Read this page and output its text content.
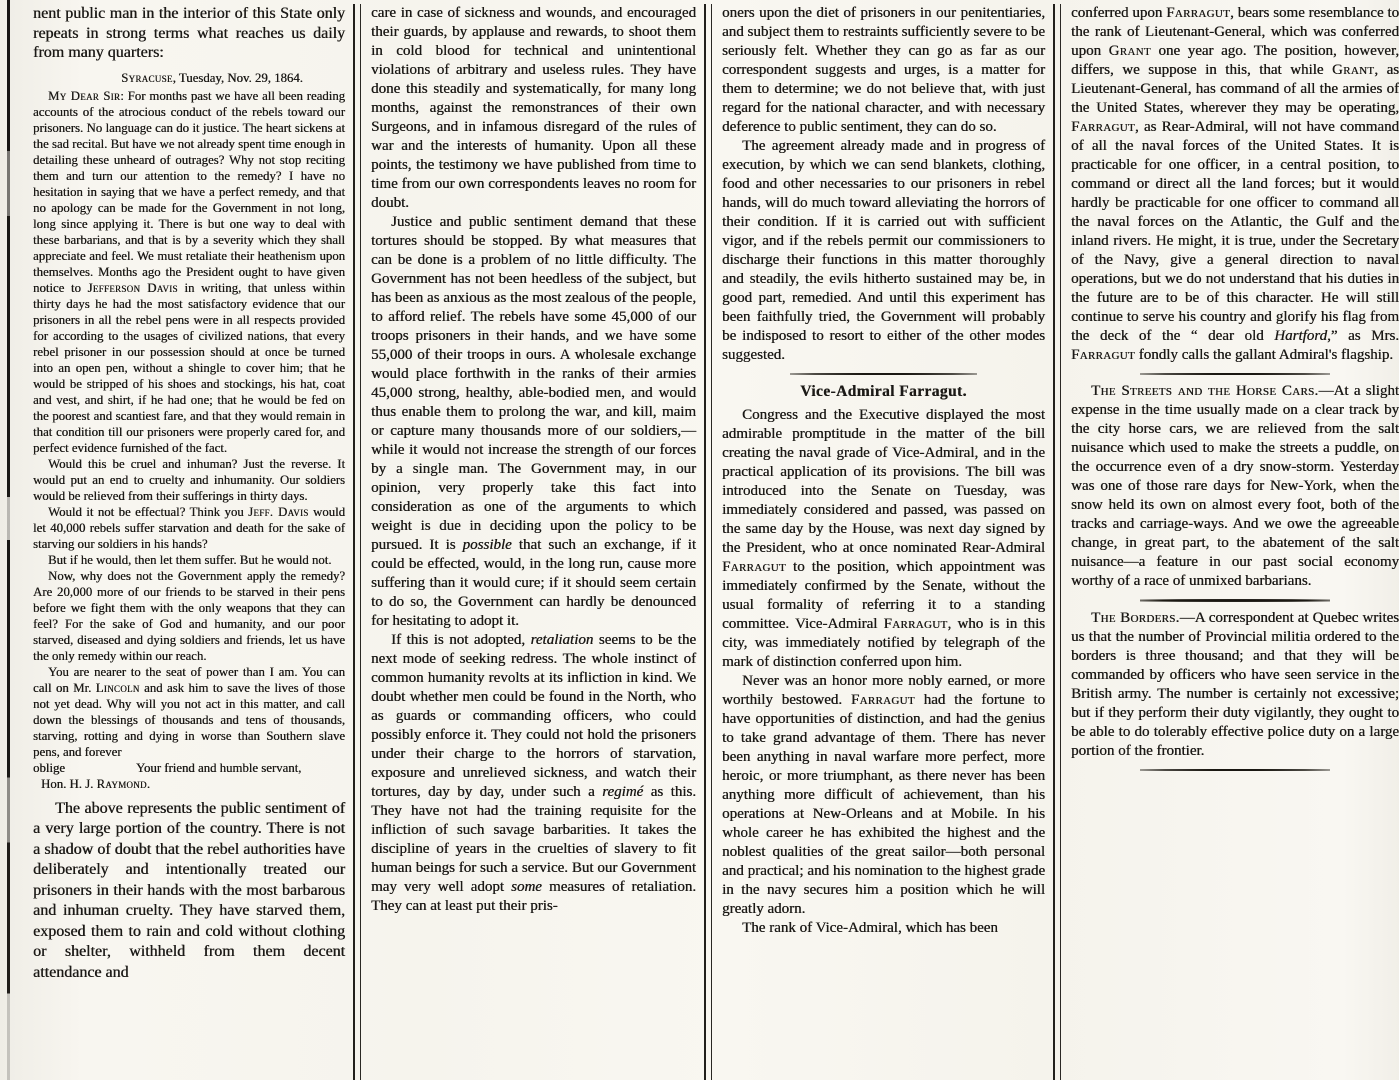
nent public man in the interior of this State only repeats in strong terms what reaches us daily from many quarters:

Syracuse, Tuesday, Nov. 29, 1864.

My Dear Sir: For months past we have all been reading accounts of the atrocious conduct of the rebels toward our prisoners. No language can do it justice. The heart sickens at the sad recital. But have we not already spent time enough in detailing these unheard of outrages? Why not stop reciting them and turn our attention to the remedy? I have no hesitation in saying that we have a perfect remedy, and that no apology can be made for the Government in not long, long since applying it. There is but one way to deal with these barbarians, and that is by a severity which they shall appreciate and feel. We must retaliate their heathenism upon themselves. Months ago the President ought to have given notice to Jefferson Davis in writing, that unless within thirty days he had the most satisfactory evidence that our prisoners in all the rebel pens were in all respects provided for according to the usages of civilized nations, that every rebel prisoner in our possession should at once be turned into an open pen, without a shingle to cover him; that he would be stripped of his shoes and stockings, his hat, coat and vest, and shirt, if he had one; that he would be fed on the poorest and scantiest fare, and that they would remain in that condition till our prisoners were properly cared for, and perfect evidence furnished of the fact.

Would this be cruel and inhuman? Just the reverse. It would put an end to cruelty and inhumanity. Our soldiers would be relieved from their sufferings in thirty days.

Would it not be effectual? Think you Jeff. Davis would let 40,000 rebels suffer starvation and death for the sake of starving our soldiers in his hands?

But if he would, then let them suffer. But he would not.

Now, why does not the Government apply the remedy? Are 20,000 more of our friends to be starved in their pens before we fight them with the only weapons that they can feel? For the sake of God and humanity, and our poor starved, diseased and dying soldiers and friends, let us have the only remedy within our reach.

You are nearer to the seat of power than I am. You can call on Mr. Lincoln and ask him to save the lives of those not yet dead. Why will you not act in this matter, and call down the blessings of thousands and tens of thousands, starving, rotting and dying in worse than Southern slave pens, and forever

oblige	Your friend and humble servant,

Hon. H. J. Raymond.

The above represents the public sentiment of a very large portion of the country. There is not a shadow of doubt that the rebel authorities have deliberately and intentionally treated our prisoners in their hands with the most barbarous and inhuman cruelty. They have starved them, exposed them to rain and cold without clothing or shelter, withheld from them decent attendance and

care in case of sickness and wounds, and encouraged their guards, by applause and rewards, to shoot them in cold blood for technical and unintentional violations of arbitrary and useless rules. They have done this steadily and systematically, for many long months, against the remonstrances of their own Surgeons, and in infamous disregard of the rules of war and the interests of humanity. Upon all these points, the testimony we have published from time to time from our own correspondents leaves no room for doubt.

Justice and public sentiment demand that these tortures should be stopped. By what measures that can be done is a problem of no little difficulty. The Government has not been heedless of the subject, but has been as anxious as the most zealous of the people, to afford relief. The rebels have some 45,000 of our troops prisoners in their hands, and we have some 55,000 of their troops in ours. A wholesale exchange would place forthwith in the ranks of their armies 45,000 strong, healthy, able-bodied men, and would thus enable them to prolong the war, and kill, maim or capture many thousands more of our soldiers,—while it would not increase the strength of our forces by a single man. The Government may, in our opinion, very properly take this fact into consideration as one of the arguments to which weight is due in deciding upon the policy to be pursued. It is possible that such an exchange, if it could be effected, would, in the long run, cause more suffering than it would cure; if it should seem certain to do so, the Government can hardly be denounced for hesitating to adopt it.

If this is not adopted, retaliation seems to be the next mode of seeking redress. The whole instinct of common humanity revolts at its infliction in kind. We doubt whether men could be found in the North, who as guards or commanding officers, who could possibly enforce it. They could not hold the prisoners under their charge to the horrors of starvation, exposure and unrelieved sickness, and watch their tortures, day by day, under such a regimé as this. They have not had the training requisite for the infliction of such savage barbarities. It takes the discipline of years in the cruelties of slavery to fit human beings for such a service. But our Government may very well adopt some measures of retaliation. They can at least put their pris-

oners upon the diet of prisoners in our penitentiaries, and subject them to restraints sufficiently severe to be seriously felt. Whether they can go as far as our correspondent suggests and urges, is a matter for them to determine; we do not believe that, with just regard for the national character, and with necessary deference to public sentiment, they can do so.

The agreement already made and in progress of execution, by which we can send blankets, clothing, food and other necessaries to our prisoners in rebel hands, will do much toward alleviating the horrors of their condition. If it is carried out with sufficient vigor, and if the rebels permit our commissioners to discharge their functions in this matter thoroughly and steadily, the evils hitherto sustained may be, in good part, remedied. And until this experiment has been faithfully tried, the Government will probably be indisposed to resort to either of the other modes suggested.

Vice-Admiral Farragut.

Congress and the Executive displayed the most admirable promptitude in the matter of the bill creating the naval grade of Vice-Admiral, and in the practical application of its provisions. The bill was introduced into the Senate on Tuesday, was immediately considered and passed, was passed on the same day by the House, was next day signed by the President, who at once nominated Rear-Admiral Farragut to the position, which appointment was immediately confirmed by the Senate, without the usual formality of referring it to a standing committee. Vice-Admiral Farragut, who is in this city, was immediately notified by telegraph of the mark of distinction conferred upon him.

Never was an honor more nobly earned, or more worthily bestowed. Farragut had the fortune to have opportunities of distinction, and had the genius to take grand advantage of them. There has never been anything in naval warfare more perfect, more heroic, or more triumphant, as there never has been anything more difficult of achievement, than his operations at New-Orleans and at Mobile. In his whole career he has exhibited the highest and the noblest qualities of the great sailor—both personal and practical; and his nomination to the highest grade in the navy secures him a position which he will greatly adorn.

The rank of Vice-Admiral, which has been

conferred upon Farragut, bears some resemblance to the rank of Lieutenant-General, which was conferred upon Grant one year ago. The position, however, differs, we suppose in this, that while Grant, as Lieutenant-General, has command of all the armies of the United States, wherever they may be operating, Farragut, as Rear-Admiral, will not have command of all the naval forces of the United States. It is practicable for one officer, in a central position, to command or direct all the land forces; but it would hardly be practicable for one officer to command all the naval forces on the Atlantic, the Gulf and the inland rivers. He might, it is true, under the Secretary of the Navy, give a general direction to naval operations, but we do not understand that his duties in the future are to be of this character. He will still continue to serve his country and glorify his flag from the deck of the “ dear old Hartford,” as Mrs. Farragut fondly calls the gallant Admiral's flagship.

The Streets and the Horse Cars.—At a slight expense in the time usually made on a clear track by the city horse cars, we are relieved from the salt nuisance which used to make the streets a puddle, on the occurrence even of a dry snow-storm. Yesterday was one of those rare days for New-York, when the snow held its own on almost every foot, both of the tracks and carriage-ways. And we owe the agreeable change, in great part, to the abatement of the salt nuisance—a feature in our past social economy worthy of a race of unmixed barbarians.

The Borders.—A correspondent at Quebec writes us that the number of Provincial militia ordered to the borders is three thousand; and that they will be commanded by officers who have seen service in the British army. The number is certainly not excessive; but if they perform their duty vigilantly, they ought to be able to do tolerably effective police duty on a large portion of the frontier.
